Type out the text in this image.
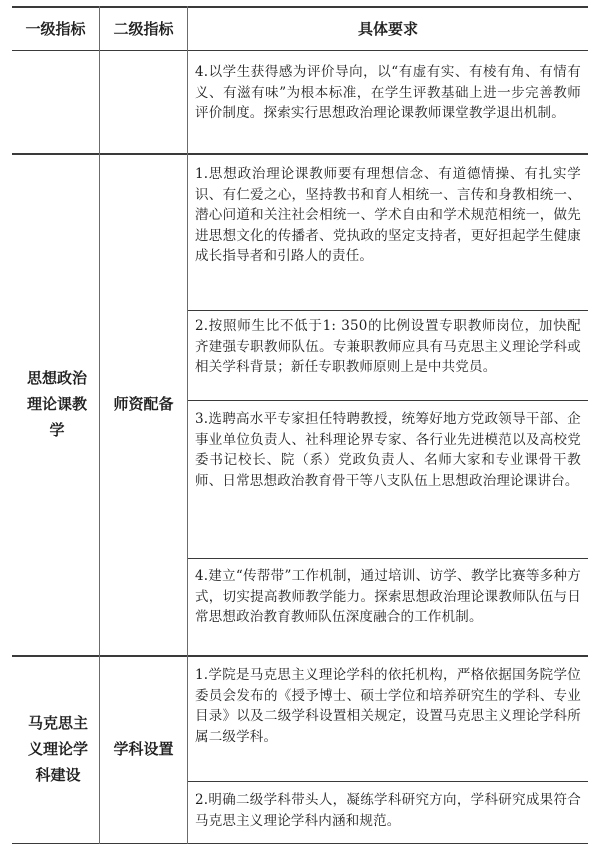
一级指标	二级指标	具体要求
4.以学生获得感为评价导向，以“有虚有实、有棱有角、有情有义、有滋有味”为根本标准，在学生评教基础上进一步完善教师评价制度。探索实行思想政治理论课教师课堂教学退出机制。
思想政治理论课教学
师资配备
1.思想政治理论课教师要有理想信念、有道德情操、有扎实学识、有仁爱之心，坚持教书和育人相统一、言传和身教相统一、潜心问道和关注社会相统一、学术自由和学术规范相统一，做先进思想文化的传播者、党执政的坚定支持者，更好担起学生健康成长指导者和引路人的责任。
2.按照师生比不低于1: 350的比例设置专职教师岗位，加快配齐建强专职教师队伍。专兼职教师应具有马克思主义理论学科或相关学科背景；新任专职教师原则上是中共党员。
3.选聘高水平专家担任特聘教授，统筹好地方党政领导干部、企事业单位负责人、社科理论界专家、各行业先进模范以及高校党委书记校长、院（系）党政负责人、名师大家和专业课骨干教师、日常思想政治教育骨干等八支队伍上思想政治理论课讲台。
4.建立“传帮带”工作机制，通过培训、访学、教学比赛等多种方式，切实提高教师教学能力。探索思想政治理论课教师队伍与日常思想政治教育教师队伍深度融合的工作机制。
马克思主义理论学科建设
学科设置
1.学院是马克思主义理论学科的依托机构，严格依据国务院学位委员会发布的《授予博士、硕士学位和培养研究生的学科、专业目录》以及二级学科设置相关规定，设置马克思主义理论学科所属二级学科。
2.明确二级学科带头人，凝练学科研究方向，学科研究成果符合马克思主义理论学科内涵和规范。
